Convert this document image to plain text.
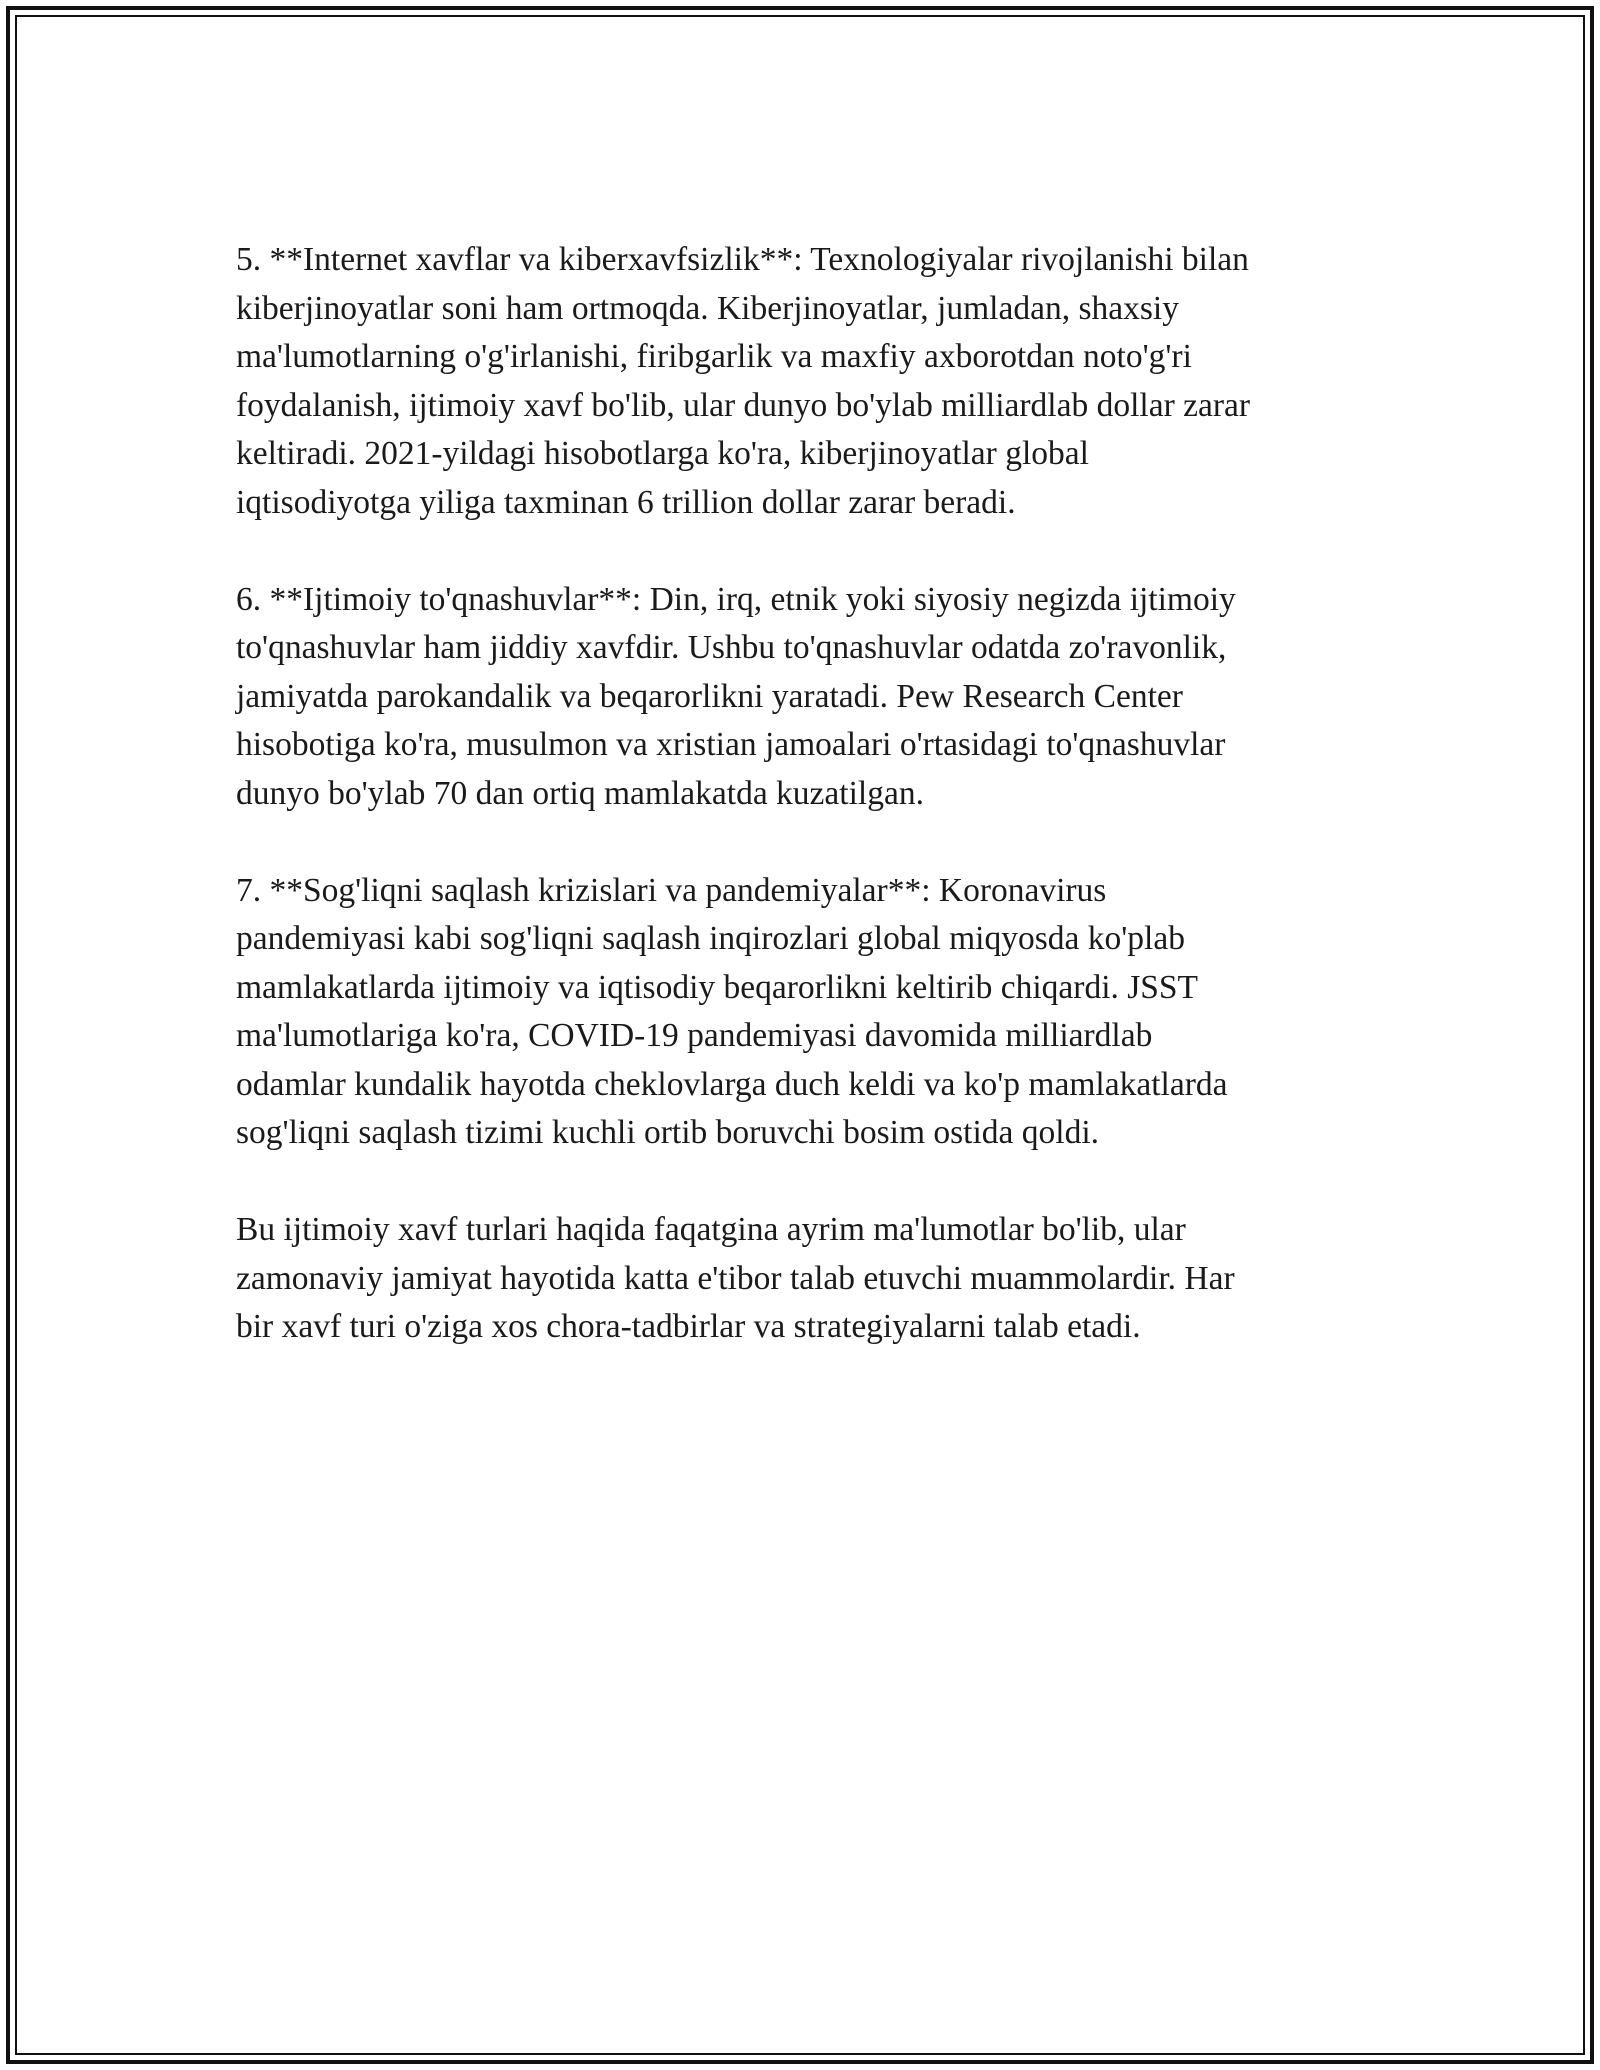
5. **Internet xavflar va kiberxavfsizlik**: Texnologiyalar rivojlanishi bilan
kiberjinoyatlar soni ham ortmoqda. Kiberjinoyatlar, jumladan, shaxsiy
ma'lumotlarning o'g'irlanishi, firibgarlik va maxfiy axborotdan noto'g'ri
foydalanish, ijtimoiy xavf bo'lib, ular dunyo bo'ylab milliardlab dollar zarar
keltiradi. 2021-yildagi hisobotlarga ko'ra, kiberjinoyatlar global
iqtisodiyotga yiliga taxminan 6 trillion dollar zarar beradi.

6. **Ijtimoiy to'qnashuvlar**: Din, irq, etnik yoki siyosiy negizda ijtimoiy
to'qnashuvlar ham jiddiy xavfdir. Ushbu to'qnashuvlar odatda zo'ravonlik,
jamiyatda parokandalik va beqarorlikni yaratadi. Pew Research Center
hisobotiga ko'ra, musulmon va xristian jamoalari o'rtasidagi to'qnashuvlar
dunyo bo'ylab 70 dan ortiq mamlakatda kuzatilgan.

7. **Sog'liqni saqlash krizislari va pandemiyalar**: Koronavirus
pandemiyasi kabi sog'liqni saqlash inqirozlari global miqyosda ko'plab
mamlakatlarda ijtimoiy va iqtisodiy beqarorlikni keltirib chiqardi. JSST
ma'lumotlariga ko'ra, COVID-19 pandemiyasi davomida milliardlab
odamlar kundalik hayotda cheklovlarga duch keldi va ko'p mamlakatlarda
sog'liqni saqlash tizimi kuchli ortib boruvchi bosim ostida qoldi.

Bu ijtimoiy xavf turlari haqida faqatgina ayrim ma'lumotlar bo'lib, ular
zamonaviy jamiyat hayotida katta e'tibor talab etuvchi muammolardir. Har
bir xavf turi o'ziga xos chora-tadbirlar va strategiyalarni talab etadi.
